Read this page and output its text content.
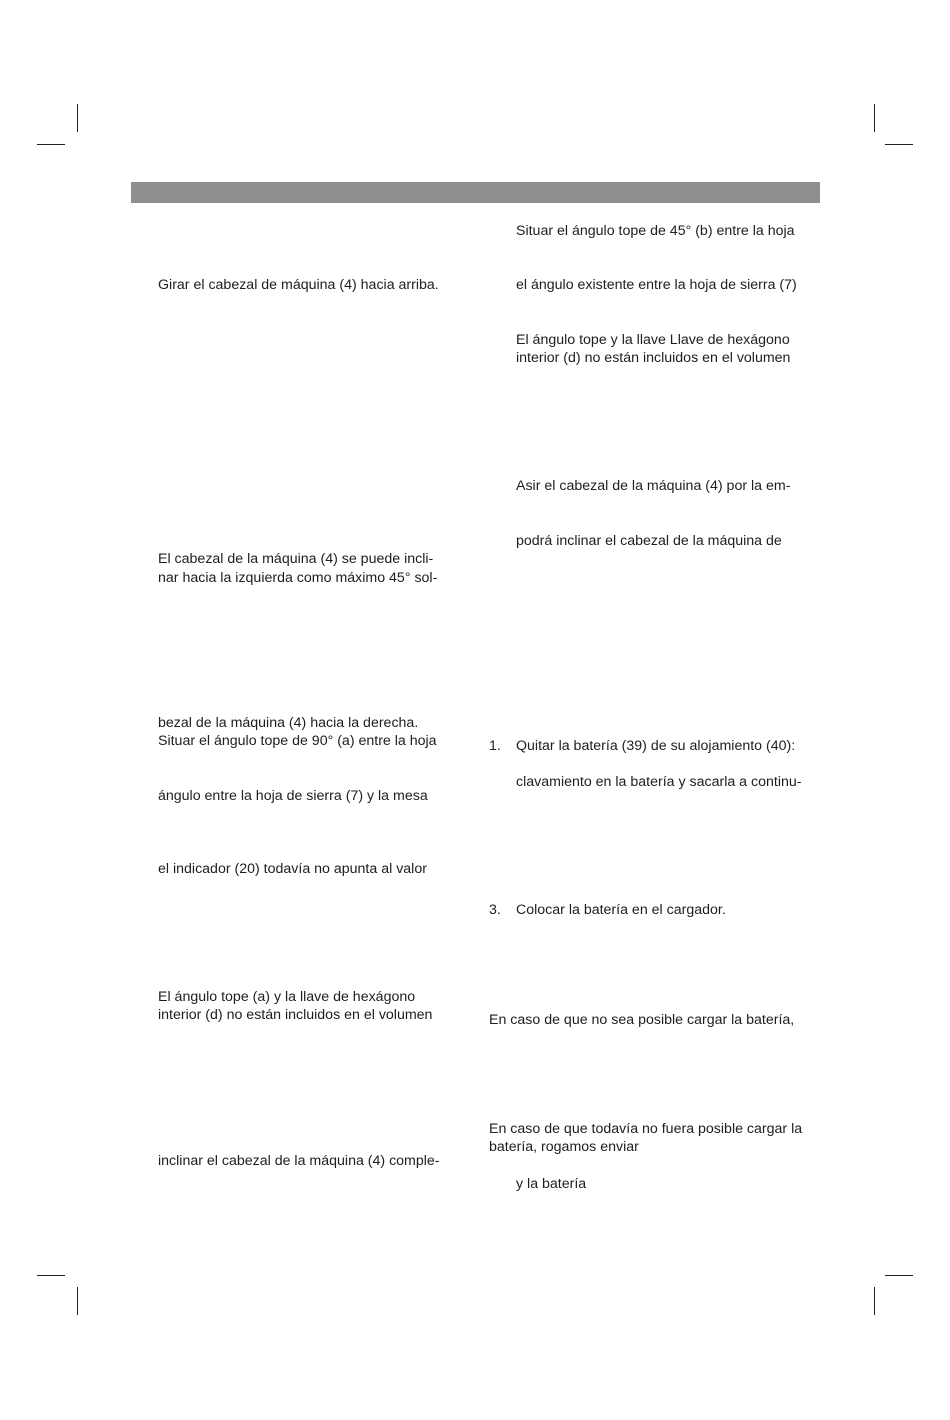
Girar el cabezal de máquina (4) hacia arriba.
El cabezal de la máquina (4) se puede incli-
nar hacia la izquierda como máximo 45° sol-
bezal de la máquina (4) hacia la derecha.
Situar el ángulo tope de 90° (a) entre la hoja
ángulo entre la hoja de sierra (7) y la mesa
el indicador (20) todavía no apunta al valor
El ángulo tope (a) y la llave de hexágono
interior (d) no están incluidos en el volumen
inclinar el cabezal de la máquina (4) comple-
Situar el ángulo tope de 45° (b) entre la hoja
el ángulo existente entre la hoja de sierra (7)
El ángulo tope y la llave Llave de hexágono
interior (d) no están incluidos en el volumen
Asir el cabezal de la máquina (4) por la em-
podrá inclinar el cabezal de la máquina de
1. Quitar la batería (39) de su alojamiento (40):
clavamiento en la batería y sacarla a continu-
3. Colocar la batería en el cargador.
En caso de que no sea posible cargar la batería,
En caso de que todavía no fuera posible cargar la
batería, rogamos enviar
y la batería
